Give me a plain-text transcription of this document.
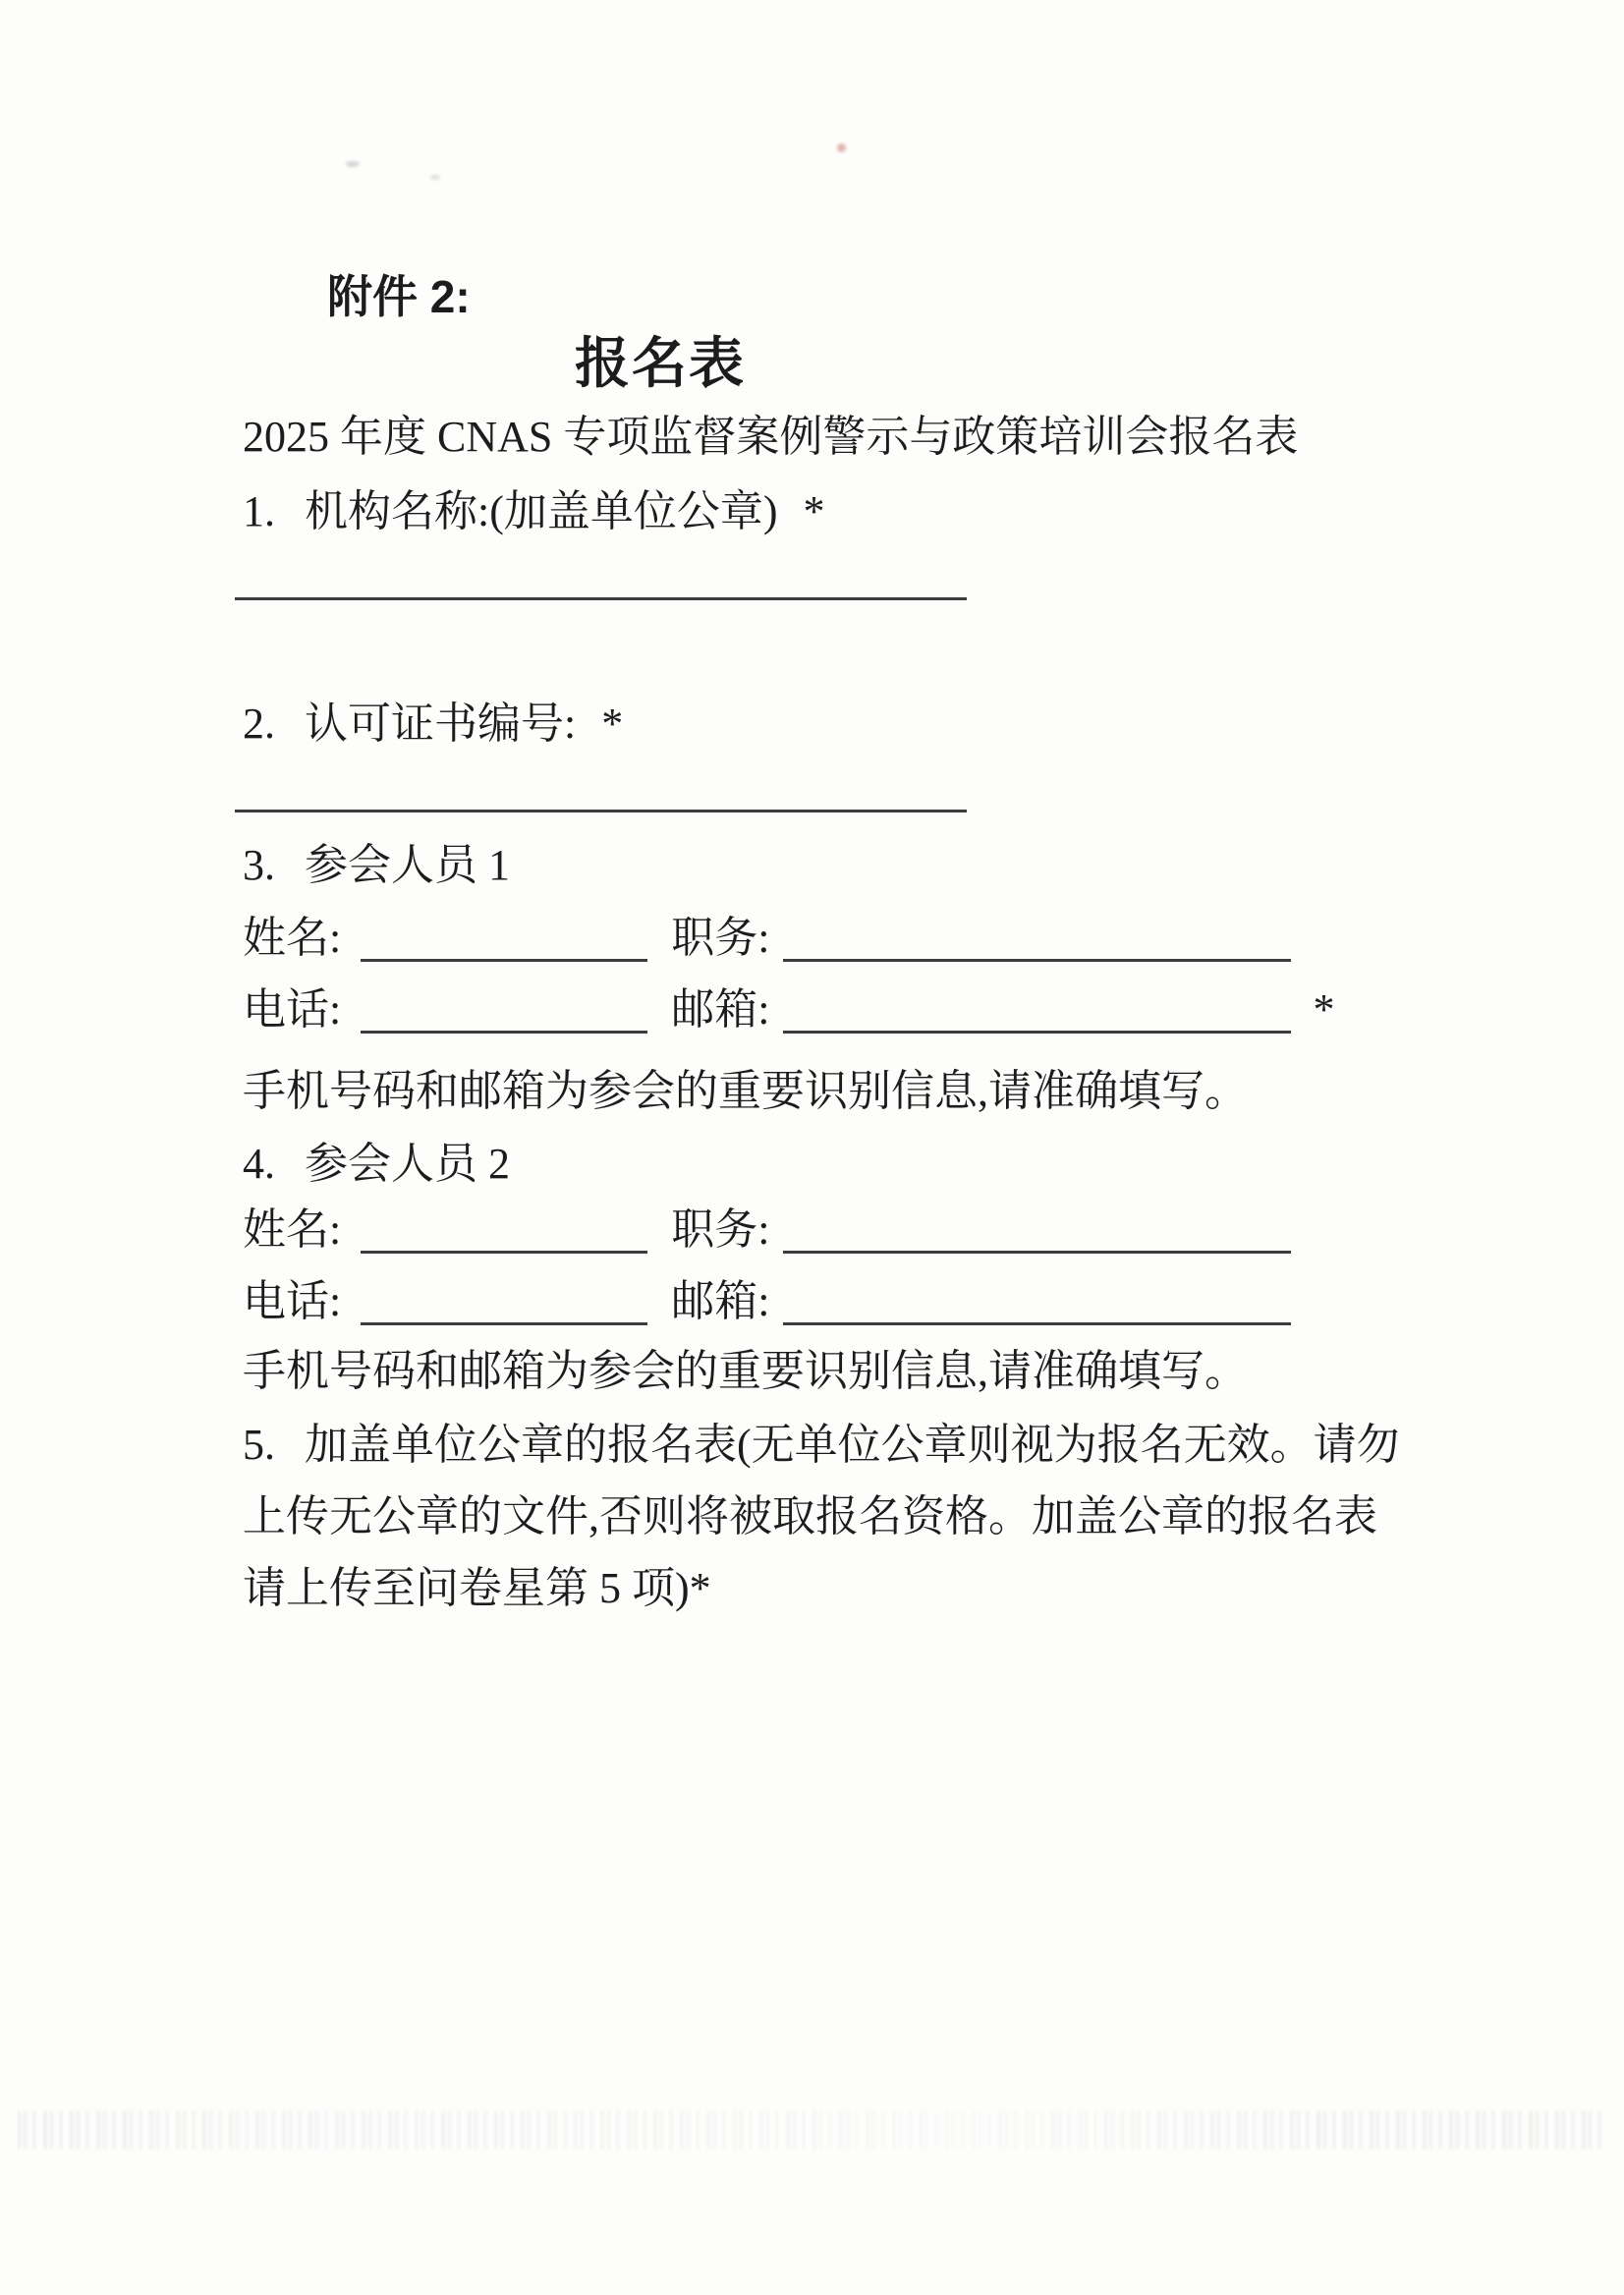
附件 2:
报名表
2025 年度 CNAS 专项监督案例警示与政策培训会报名表
1. 机构名称:(加盖单位公章) *
2. 认可证书编号: *
3. 参会人员 1
姓名:	职务:
电话:	邮箱:	*
手机号码和邮箱为参会的重要识别信息,请准确填写。
4. 参会人员 2
姓名:	职务:
电话:	邮箱:
手机号码和邮箱为参会的重要识别信息,请准确填写。
5. 加盖单位公章的报名表(无单位公章则视为报名无效。请勿
上传无公章的文件,否则将被取报名资格。加盖公章的报名表
请上传至问卷星第 5 项)*
